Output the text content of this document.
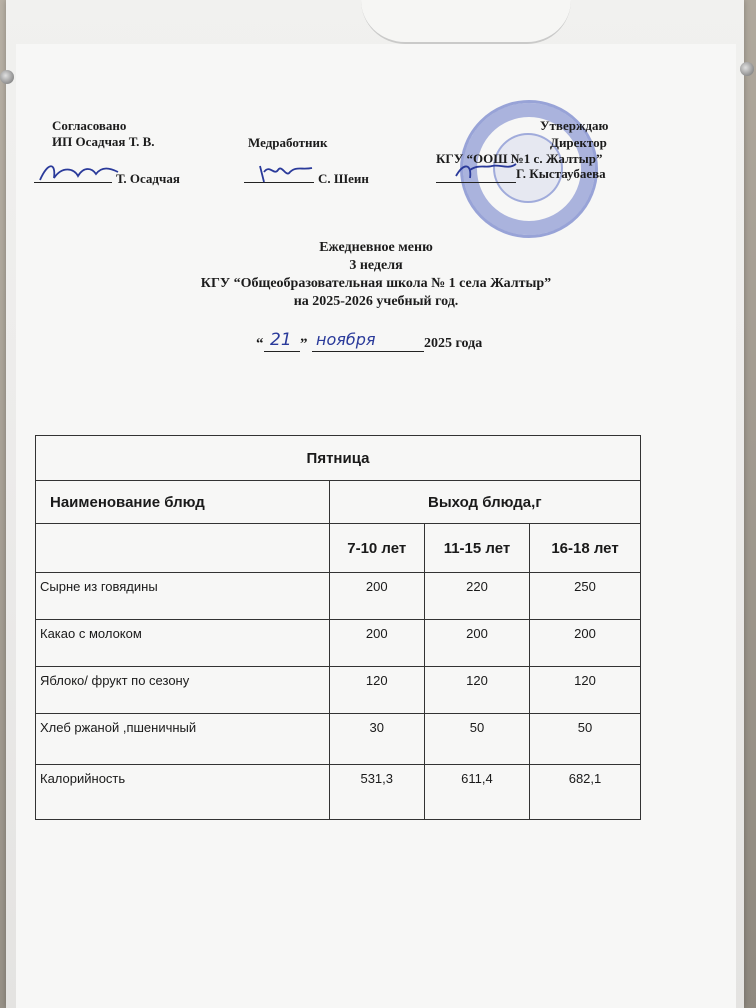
Согласовано
ИП Осадчая Т. В.
Т. Осадчая
Медработник
С. Шеин
Утверждаю
Директор
КГУ “ООШ №1 с. Жалтыр”
Г. Кыстаубаева
Ежедневное меню
3 неделя
КГУ “Общеобразовательная школа № 1 села Жалтыр”
на 2025-2026 учебный год.
“ 21 ” ноября	2025 года
Пятница			
Наименование блюд	Выход блюда,г		
	7-10 лет	11-15 лет	16-18 лет
Сырне из говядины	200	220	250
Какао с молоком	200	200	200
Яблоко/ фрукт по сезону	120	120	120
Хлеб ржаной ,пшеничный	30	50	50
Калорийность	531,3	611,4	682,1
